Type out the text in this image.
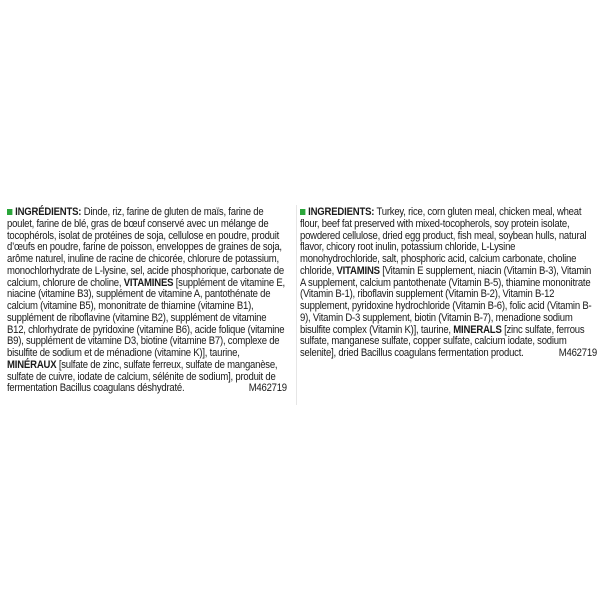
INGRÉDIENTS: Dinde, riz, farine de gluten de maïs, farine de poulet, farine de blé, gras de bœuf conservé avec un mélange de tocophérols, isolat de protéines de soja, cellulose en poudre, produit d’œufs en poudre, farine de poisson, enveloppes de graines de soja, arôme naturel, inuline de racine de chicorée, chlorure de potassium, monochlorhydrate de L-lysine, sel, acide phosphorique, carbonate de calcium, chlorure de choline, VITAMINES [supplément de vitamine E, niacine (vitamine B3), supplément de vitamine A, pantothénate de calcium (vitamine B5), mononitrate de thiamine (vitamine B1), supplément de riboflavine (vitamine B2), supplément de vitamine B12, chlorhydrate de pyridoxine (vitamine B6), acide folique (vitamine B9), supplément de vitamine D3, biotine (vitamine B7), complexe de bisulfite de sodium et de ménadione (vitamine K)], taurine, MINÉRAUX [sulfate de zinc, sulfate ferreux, sulfate de manganèse, sulfate de cuivre, iodate de calcium, sélénite de sodium], produit de fermentation Bacillus coagulans déshydraté.	M462719

INGREDIENTS: Turkey, rice, corn gluten meal, chicken meal, wheat flour, beef fat preserved with mixed-tocopherols, soy protein isolate, powdered cellulose, dried egg product, fish meal, soybean hulls, natural flavor, chicory root inulin, potassium chloride, L-Lysine monohydrochloride, salt, phosphoric acid, calcium carbonate, choline chloride, VITAMINS [Vitamin E supplement, niacin (Vitamin B-3), Vitamin A supplement, calcium pantothenate (Vitamin B-5), thiamine mononitrate (Vitamin B-1), riboflavin supplement (Vitamin B-2), Vitamin B-12 supplement, pyridoxine hydrochloride (Vitamin B-6), folic acid (Vitamin B-9), Vitamin D-3 supplement, biotin (Vitamin B-7), menadione sodium bisulfite complex (Vitamin K)], taurine, MINERALS [zinc sulfate, ferrous sulfate, manganese sulfate, copper sulfate, calcium iodate, sodium selenite], dried Bacillus coagulans fermentation product.	M462719
